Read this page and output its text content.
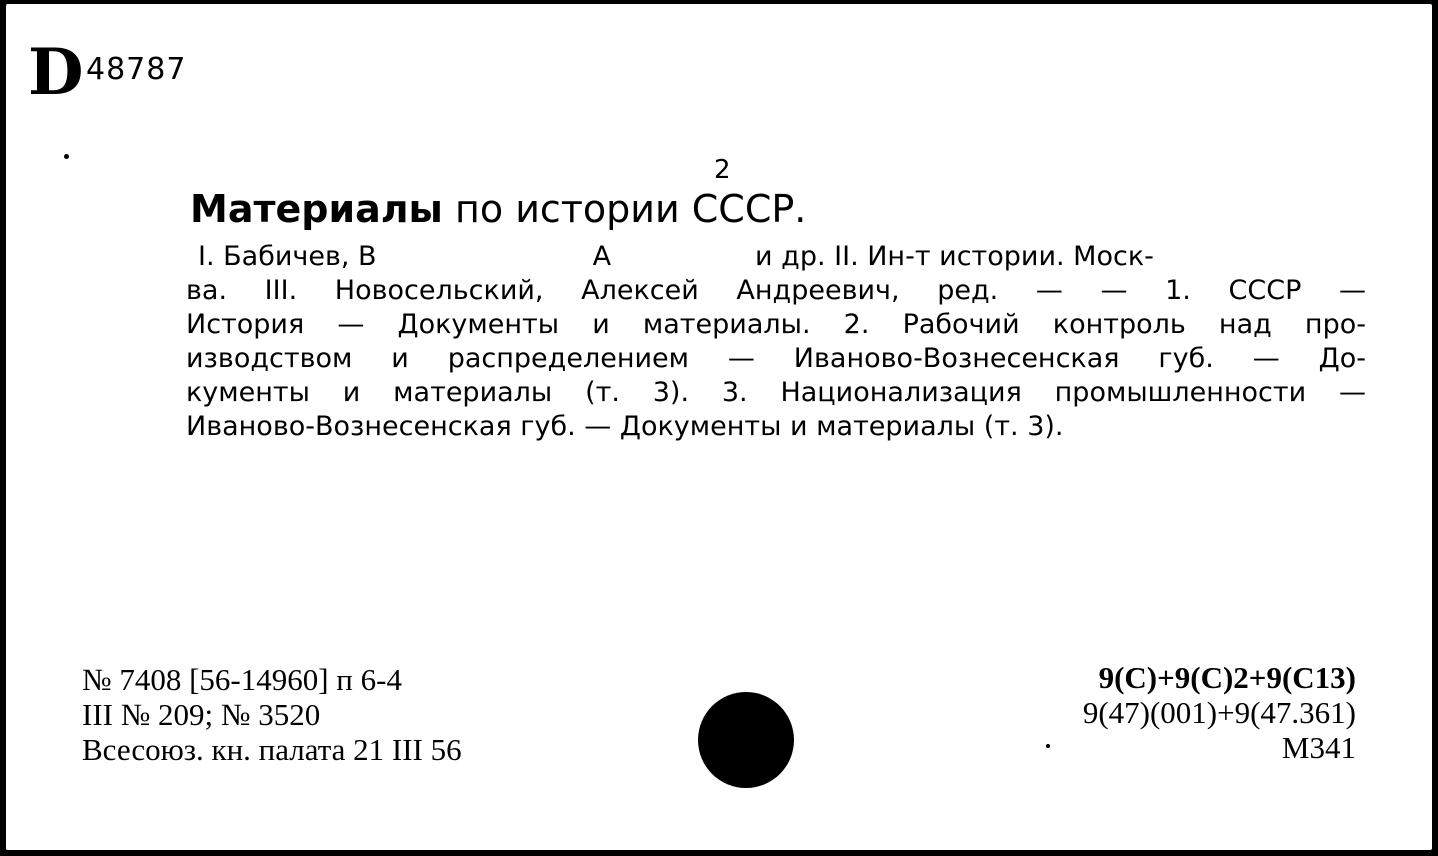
D 48787
2
Материалы по истории СССР.
I. Бабичев, В	А	и др. II. Ин-т истории. Моск-
ва. III. Новосельский, Алексей Андреевич, ред. — — 1. СССР —
История — Документы и материалы. 2. Рабочий контроль над про-
изводством и распределением — Иваново-Вознесенская губ. — До-
кументы и материалы (т. 3). 3. Национализация промышленности —
Иваново-Вознесенская губ. — Документы и материалы (т. 3).
№ 7408 [56-14960] п 6-4
III № 209; № 3520
Всесоюз. кн. палата 21 III 56
9(С)+9(С)2+9(С13)
9(47)(001)+9(47.361)
М341
